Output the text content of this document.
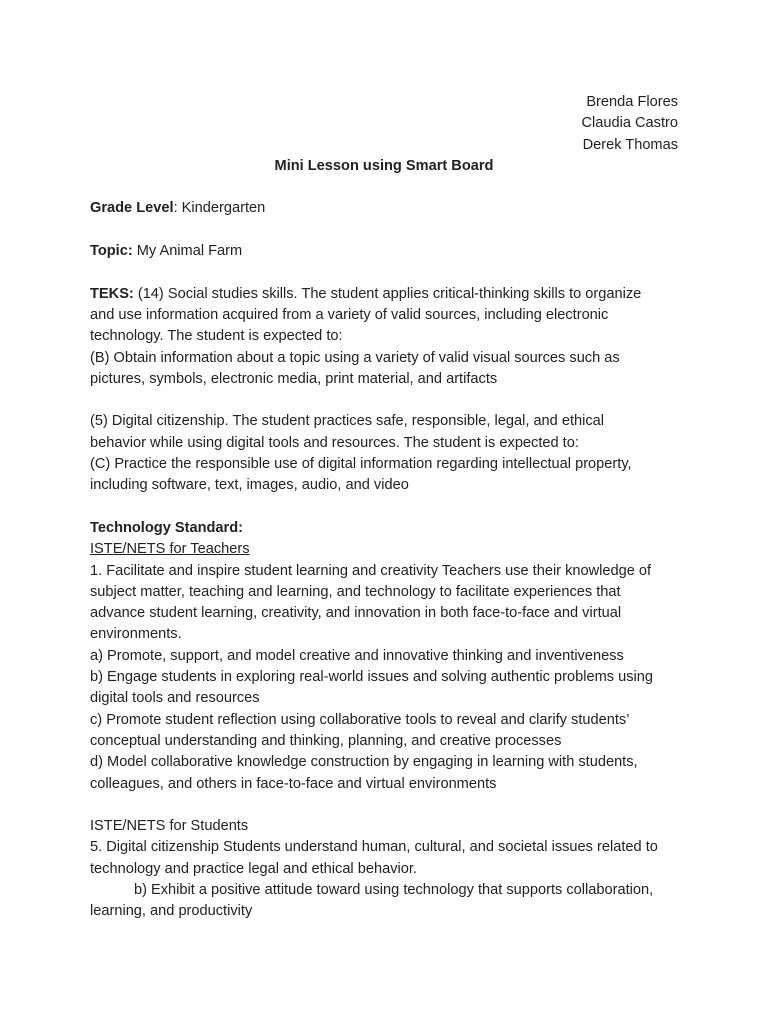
Brenda Flores
Claudia Castro
Derek Thomas
Mini Lesson using Smart Board
Grade Level: Kindergarten
Topic: My Animal Farm
TEKS: (14) Social studies skills. The student applies critical-thinking skills to organize
and use information acquired from a variety of valid sources, including electronic
technology. The student is expected to:
(B) Obtain information about a topic using a variety of valid visual sources such as
pictures, symbols, electronic media, print material, and artifacts
(5) Digital citizenship. The student practices safe, responsible, legal, and ethical
behavior while using digital tools and resources. The student is expected to:
(C) Practice the responsible use of digital information regarding intellectual property,
including software, text, images, audio, and video
Technology Standard:
ISTE/NETS for Teachers
1. Facilitate and inspire student learning and creativity Teachers use their knowledge of
subject matter, teaching and learning, and technology to facilitate experiences that
advance student learning, creativity, and innovation in both face-to-face and virtual
environments.
a) Promote, support, and model creative and innovative thinking and inventiveness
b) Engage students in exploring real-world issues and solving authentic problems using
digital tools and resources
c) Promote student reflection using collaborative tools to reveal and clarify students’
conceptual understanding and thinking, planning, and creative processes
d) Model collaborative knowledge construction by engaging in learning with students,
colleagues, and others in face-to-face and virtual environments
ISTE/NETS for Students
5. Digital citizenship Students understand human, cultural, and societal issues related to
technology and practice legal and ethical behavior.
b) Exhibit a positive attitude toward using technology that supports collaboration,
learning, and productivity
